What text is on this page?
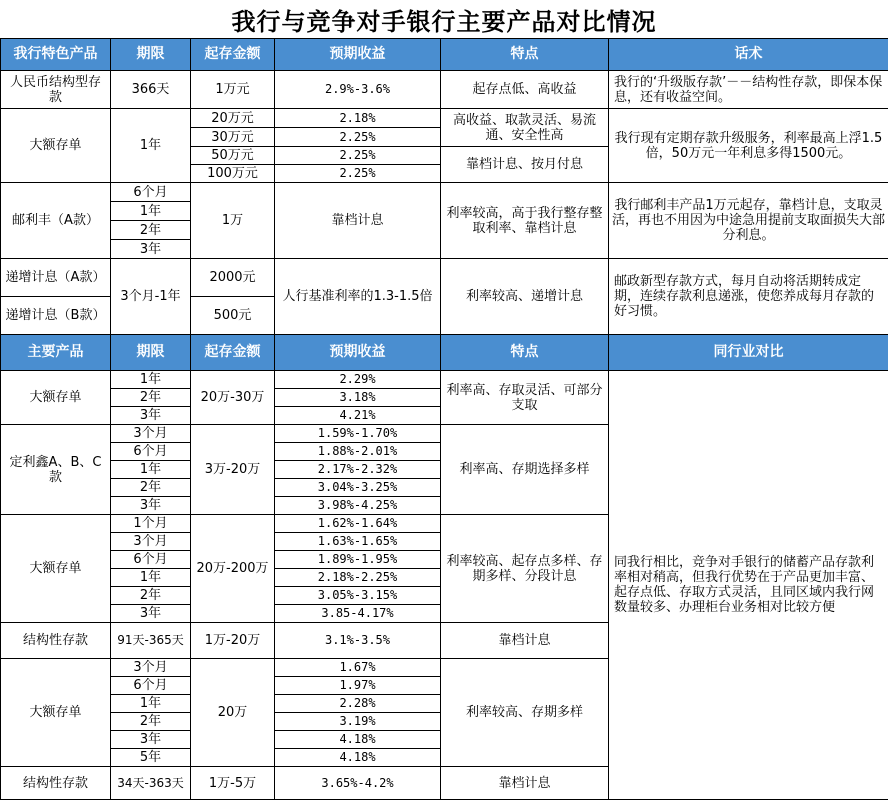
我行与竞争对手银行主要产品对比情况
我行特色产品	期限	起存金额	预期收益	特点	话术
人民币结构型存款	366天	1万元	2.9%-3.6%	起存点低、高收益	我行的‘升级版存款’－－结构性存款，即保本保息，还有收益空间。
大额存单	1年	20万元	2.18%	高收益、取款灵活、易流通、安全性高	我行现有定期存款升级服务，利率最高上浮1.5倍，50万元一年利息多得1500元。
		30万元	2.25%		
		50万元	2.25%	靠档计息、按月付息	
		100万元	2.25%		
邮利丰（A款）	6个月	1万	靠档计息	利率较高，高于我行整存整取利率、靠档计息	我行邮利丰产品1万元起存，靠档计息，支取灵活，再也不用因为中途急用提前支取面损失大部分利息。
	1年				
	2年				
	3年				
递增计息（A款）	3个月-1年	2000元	人行基准利率的1.3-1.5倍	利率较高、递增计息	邮政新型存款方式，每月自动将活期转成定期，连续存款利息递涨，使您养成每月存款的好习惯。
递增计息（B款）		500元			
主要产品	期限	起存金额	预期收益	特点	同行业对比
大额存单	1年	20万-30万	2.29%	利率高、存取灵活、可部分支取	同我行相比，竞争对手银行的储蓄产品存款利率相对稍高，但我行优势在于产品更加丰富、起存点低、存取方式灵活，且同区域内我行网数量较多、办理柜台业务相对比较方便
	2年		3.18%		
	3年		4.21%		
定利鑫A、B、C款	3个月	3万-20万	1.59%-1.70%	利率高、存期选择多样	
	6个月		1.88%-2.01%		
	1年		2.17%-2.32%		
	2年		3.04%-3.25%		
	3年		3.98%-4.25%		
大额存单	1个月	20万-200万	1.62%-1.64%	利率较高、起存点多样、存期多样、分段计息	
	3个月		1.63%-1.65%		
	6个月		1.89%-1.95%		
	1年		2.18%-2.25%		
	2年		3.05%-3.15%		
	3年		3.85-4.17%		
结构性存款	91天-365天	1万-20万	3.1%-3.5%	靠档计息	
大额存单	3个月	20万	1.67%	利率较高、存期多样	
	6个月		1.97%		
	1年		2.28%		
	2年		3.19%		
	3年		4.18%		
	5年		4.18%		
结构性存款	34天-363天	1万-5万	3.65%-4.2%	靠档计息	
